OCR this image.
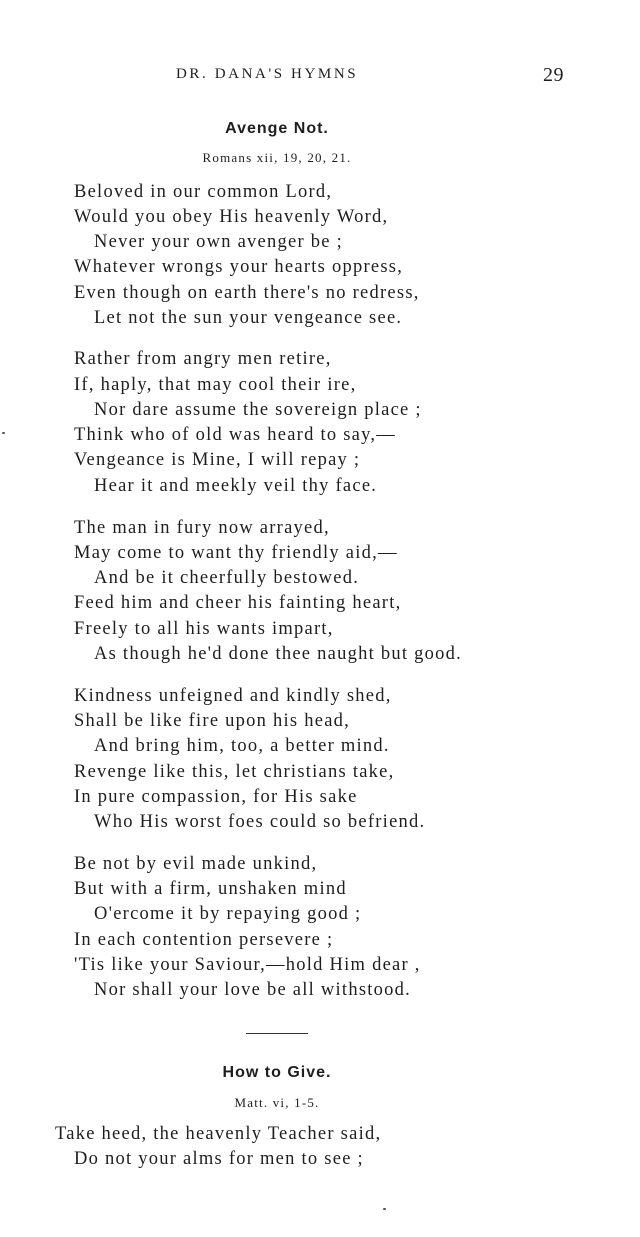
DR. DANA'S HYMNS	29
Avenge Not.
Romans xii, 19, 20, 21.
Beloved in our common Lord,
Would you obey His heavenly Word,
Never your own avenger be ;
Whatever wrongs your hearts oppress,
Even though on earth there's no redress,
Let not the sun your vengeance see.
Rather from angry men retire,
If, haply, that may cool their ire,
Nor dare assume the sovereign place ;
Think who of old was heard to say,—
Vengeance is Mine, I will repay ;
Hear it and meekly veil thy face.
The man in fury now arrayed,
May come to want thy friendly aid,—
And be it cheerfully bestowed.
Feed him and cheer his fainting heart,
Freely to all his wants impart,
As though he'd done thee naught but good.
Kindness unfeigned and kindly shed,
Shall be like fire upon his head,
And bring him, too, a better mind.
Revenge like this, let christians take,
In pure compassion, for His sake
Who His worst foes could so befriend.
Be not by evil made unkind,
But with a firm, unshaken mind
O'ercome it by repaying good ;
In each contention persevere ;
'Tis like your Saviour,—hold Him dear ,
Nor shall your love be all withstood.
How to Give.
Matt. vi, 1-5.
Take heed, the heavenly Teacher said,
Do not your alms for men to see ;
